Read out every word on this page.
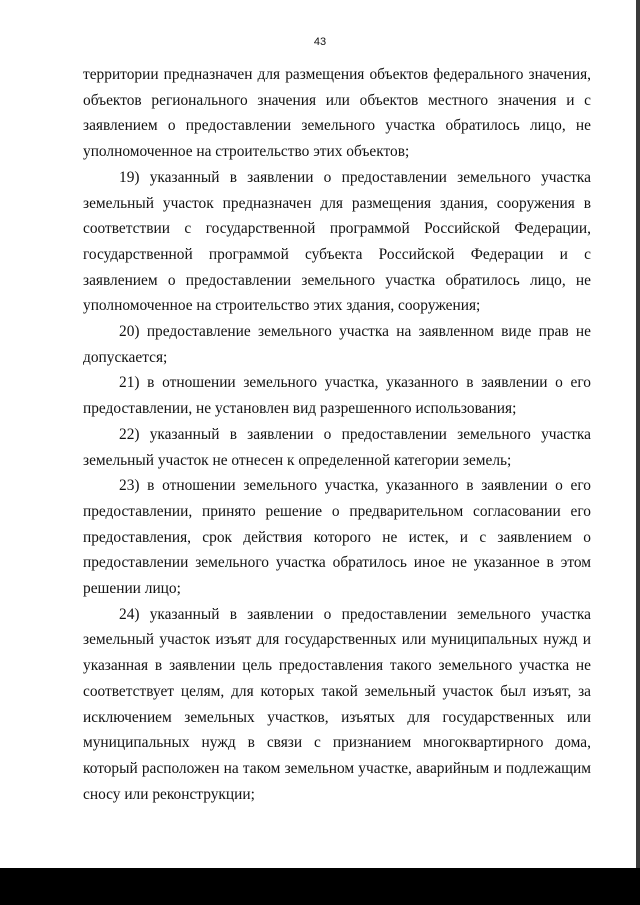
43

территории предназначен для размещения объектов федерального значения, объектов регионального значения или объектов местного значения и с заявлением о предоставлении земельного участка обратилось лицо, не уполномоченное на строительство этих объектов;

19) указанный в заявлении о предоставлении земельного участка земельный участок предназначен для размещения здания, сооружения в соответствии с государственной программой Российской Федерации, государственной программой субъекта Российской Федерации и с заявлением о предоставлении земельного участка обратилось лицо, не уполномоченное на строительство этих здания, сооружения;

20) предоставление земельного участка на заявленном виде прав не допускается;

21) в отношении земельного участка, указанного в заявлении о его предоставлении, не установлен вид разрешенного использования;

22) указанный в заявлении о предоставлении земельного участка земельный участок не отнесен к определенной категории земель;

23) в отношении земельного участка, указанного в заявлении о его предоставлении, принято решение о предварительном согласовании его предоставления, срок действия которого не истек, и с заявлением о предоставлении земельного участка обратилось иное не указанное в этом решении лицо;

24) указанный в заявлении о предоставлении земельного участка земельный участок изъят для государственных или муниципальных нужд и указанная в заявлении цель предоставления такого земельного участка не соответствует целям, для которых такой земельный участок был изъят, за исключением земельных участков, изъятых для государственных или муниципальных нужд в связи с признанием многоквартирного дома, который расположен на таком земельном участке, аварийным и подлежащим сносу или реконструкции;
